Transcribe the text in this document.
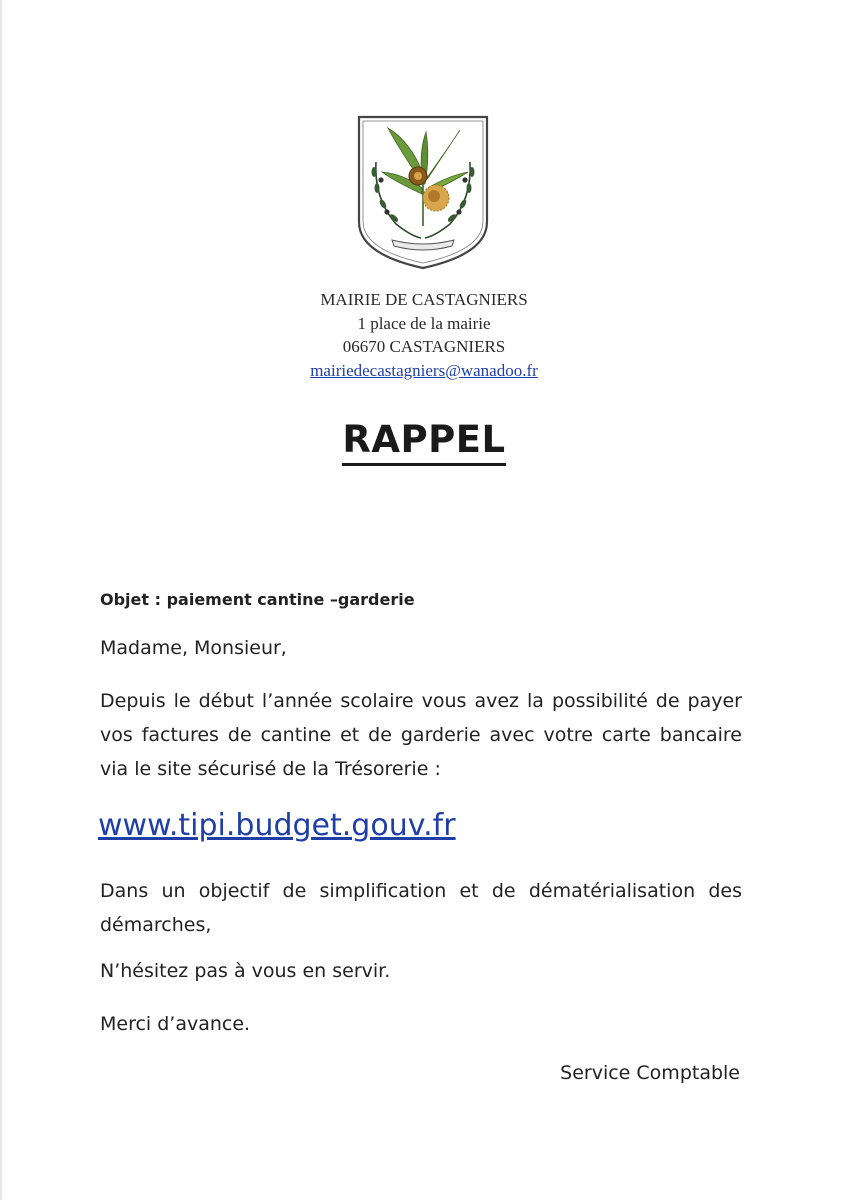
MAIRIE DE CASTAGNIERS
1 place de la mairie
06670 CASTAGNIERS
mairiedecastagniers@wanadoo.fr
RAPPEL
Objet : paiement cantine –garderie
Madame, Monsieur,
Depuis le début l’année scolaire vous avez la possibilité de payer vos factures de cantine et de garderie avec votre carte bancaire via le site sécurisé de la Trésorerie :
www.tipi.budget.gouv.fr
Dans un objectif de simplification et de dématérialisation des démarches,
N’hésitez pas à vous en servir.
Merci d’avance.
Service Comptable
